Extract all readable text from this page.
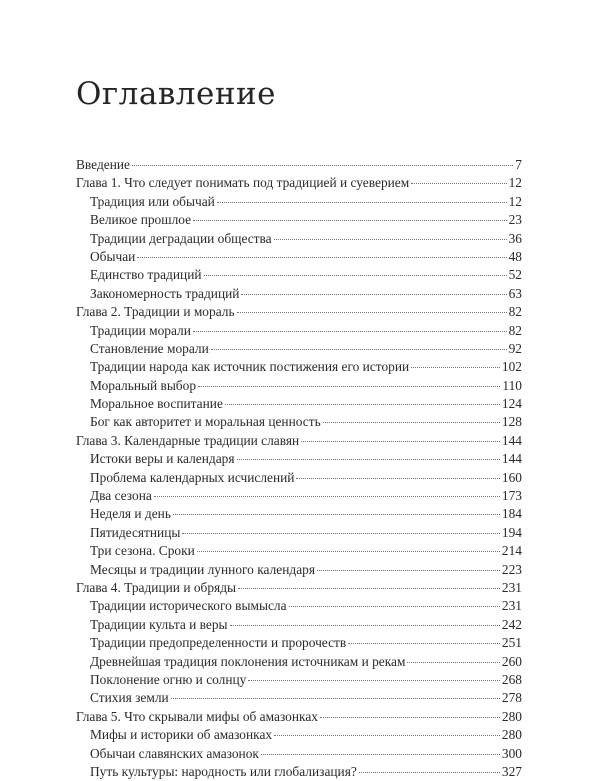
Оглавление
Введение	7
Глава 1. Что следует понимать под традицией и суеверием	12
Традиция или обычай	12
Великое прошлое	23
Традиции деградации общества	36
Обычаи	48
Единство традиций	52
Закономерность традиций	63
Глава 2. Традиции и мораль	82
Традиции морали	82
Становление морали	92
Традиции народа как источник постижения его истории	102
Моральный выбор	110
Моральное воспитание	124
Бог как авторитет и моральная ценность	128
Глава 3. Календарные традиции славян	144
Истоки веры и календаря	144
Проблема календарных исчислений	160
Два сезона	173
Неделя и день	184
Пятидесятницы	194
Три сезона. Сроки	214
Месяцы и традиции лунного календаря	223
Глава 4. Традиции и обряды	231
Традиции исторического вымысла	231
Традиции культа и веры	242
Традиции предопределенности и пророчеств	251
Древнейшая традиция поклонения источникам и рекам	260
Поклонение огню и солнцу	268
Стихия земли	278
Глава 5. Что скрывали мифы об амазонках	280
Мифы и историки об амазонках	280
Обычаи славянских амазонок	300
Путь культуры: народность или глобализация?	327
